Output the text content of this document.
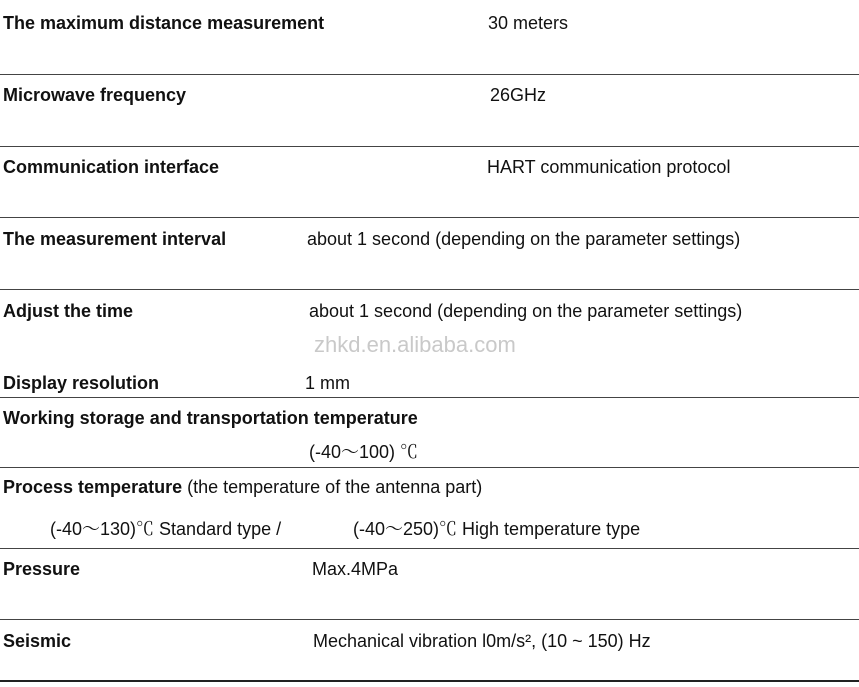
The maximum distance measurement	30 meters
Microwave frequency	26GHz
Communication interface	HART communication protocol
The measurement interval	about 1 second (depending on the parameter settings)
Adjust the time	about 1 second (depending on the parameter settings)
zhkd.en.alibaba.com
Display resolution	1 mm
Working storage and transportation temperature
(-40～100) ℃
Process temperature (the temperature of the antenna part)
(-40～130)℃ Standard type /	(-40～250)℃ High temperature type
Pressure	Max.4MPa
Seismic	Mechanical vibration l0m/s², (10 ~ 150) Hz
